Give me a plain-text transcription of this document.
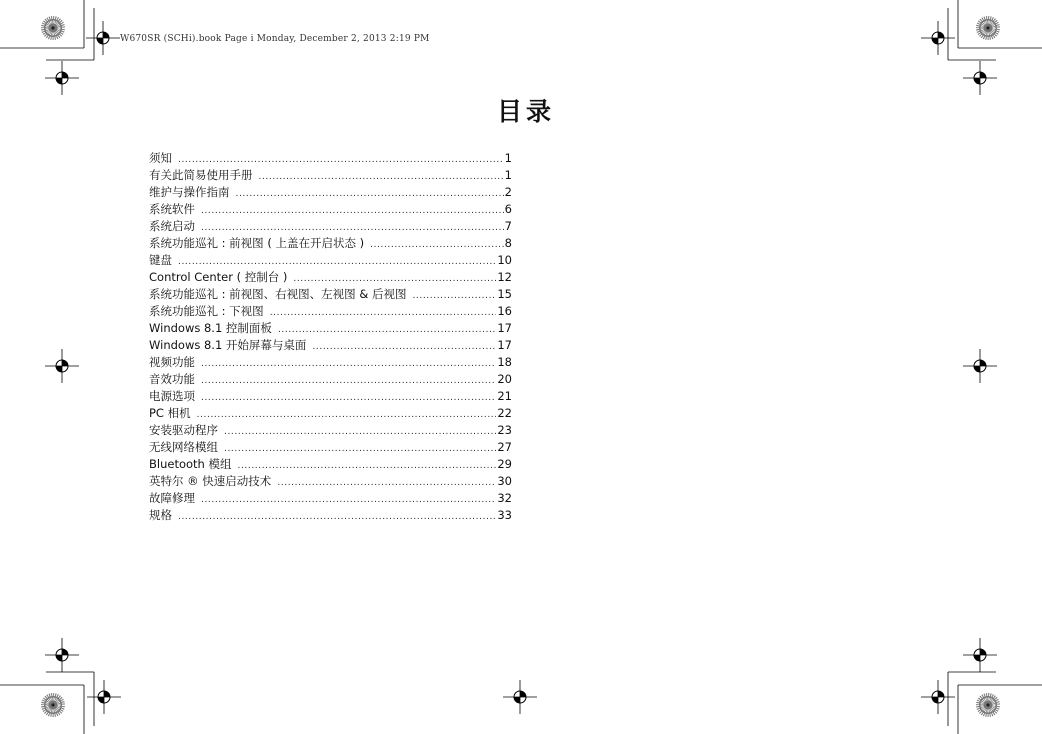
W670SR (SCHi).book Page i Monday, December 2, 2013 2:19 PM
目录
须知 .....	1
有关此简易使用手册 .....	1
维护与操作指南 .....	2
系统软件 .....	6
系统启动 .....	7
系统功能巡礼 : 前视图 ( 上盖在开启状态 ) .....	8
键盘 .....	10
Control Center ( 控制台 ) .....	12
系统功能巡礼 : 前视图、右视图、左视图 & 后视图 .....	15
系统功能巡礼 : 下视图 .....	16
Windows 8.1 控制面板 .....	17
Windows 8.1 开始屏幕与桌面 .....	17
视频功能 .....	18
音效功能 .....	20
电源选项 .....	21
PC 相机 .....	22
安装驱动程序 .....	23
无线网络模组 .....	27
Bluetooth 模组 .....	29
英特尔 ® 快速启动技术 .....	30
故障修理 .....	32
规格 .....	33
